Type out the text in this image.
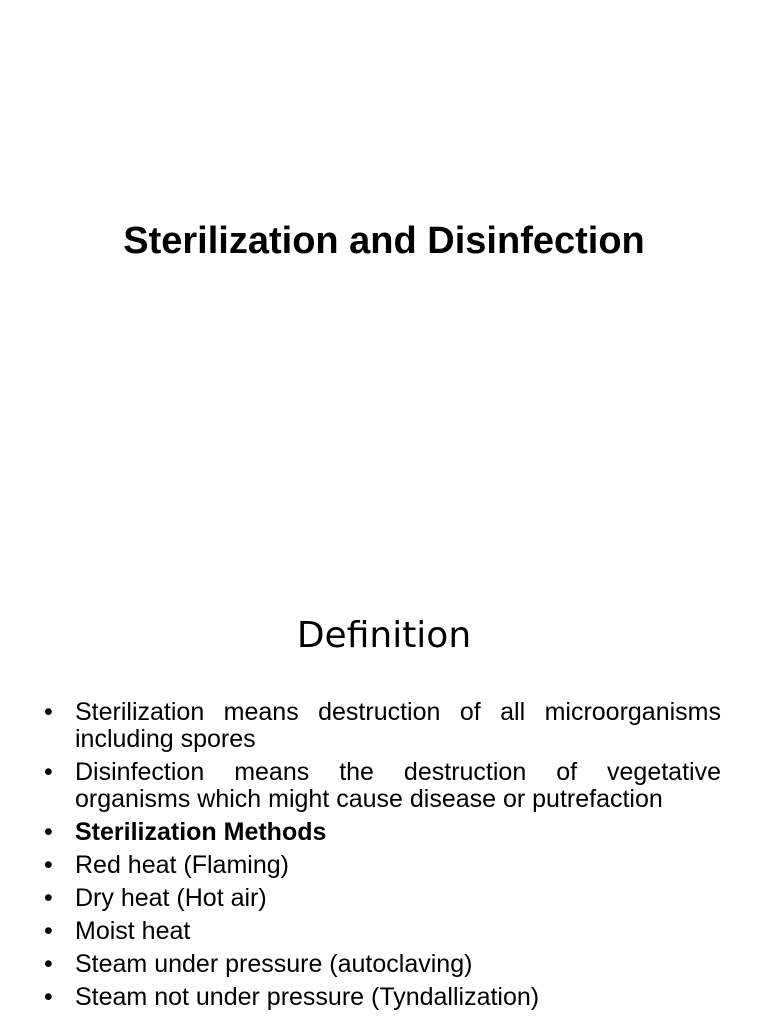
Sterilization and Disinfection
Definition
• Sterilization means destruction of all microorganisms including spores
• Disinfection means the destruction of vegetative organisms which might cause disease or putrefaction
• Sterilization Methods
• Red heat (Flaming)
• Dry heat (Hot air)
• Moist heat
• Steam under pressure (autoclaving)
• Steam not under pressure (Tyndallization)
